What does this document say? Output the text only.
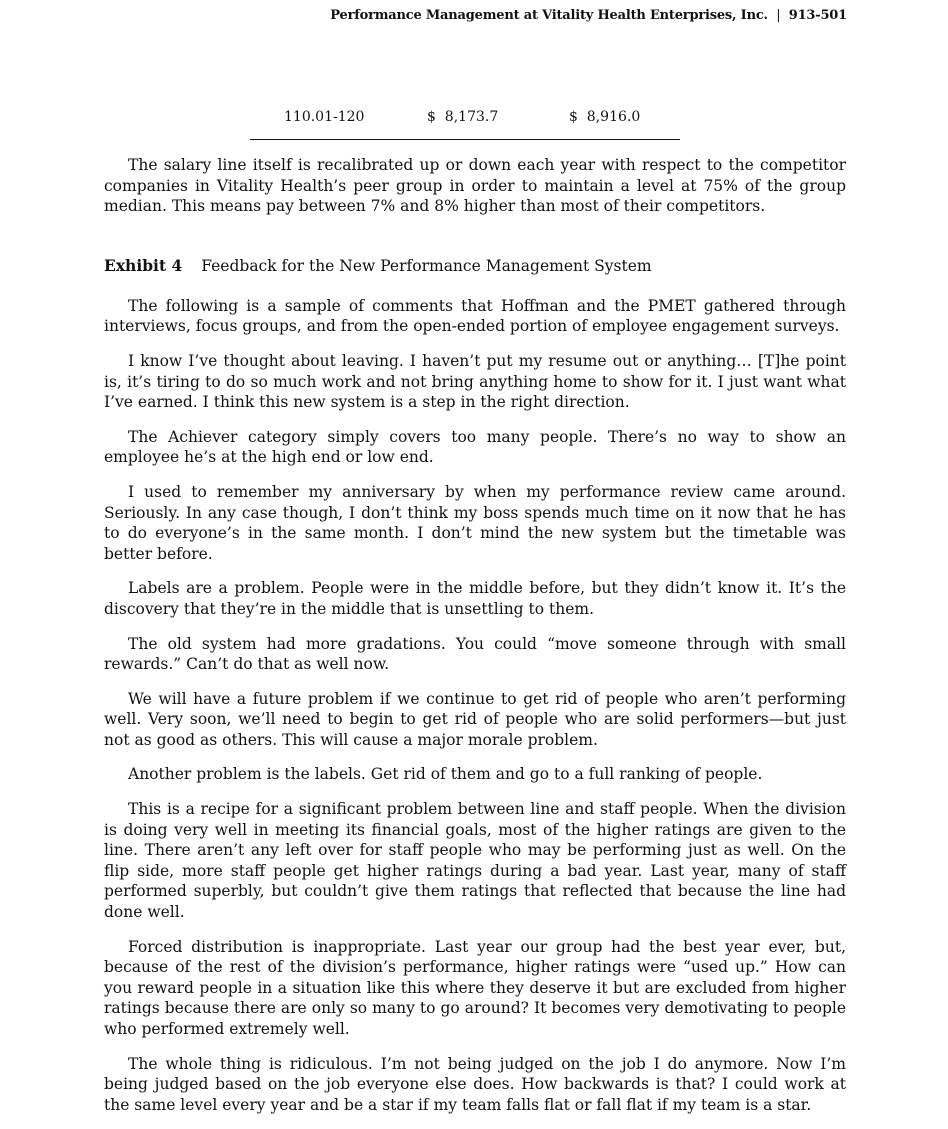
Performance Management at Vitality Health Enterprises, Inc. | 913-501
110.01-120	$  8,173.7	$  8,916.0

The salary line itself is recalibrated up or down each year with respect to the competitor companies in Vitality Health’s peer group in order to maintain a level at 75% of the group median. This means pay between 7% and 8% higher than most of their competitors.

Exhibit 4 Feedback for the New Performance Management System

The following is a sample of comments that Hoffman and the PMET gathered through interviews, focus groups, and from the open-ended portion of employee engagement surveys.

I know I’ve thought about leaving. I haven’t put my resume out or anything… [T]he point is, it’s tiring to do so much work and not bring anything home to show for it. I just want what I’ve earned. I think this new system is a step in the right direction.

The Achiever category simply covers too many people. There’s no way to show an employee he’s at the high end or low end.

I used to remember my anniversary by when my performance review came around. Seriously. In any case though, I don’t think my boss spends much time on it now that he has to do everyone’s in the same month. I don’t mind the new system but the timetable was better before.

Labels are a problem. People were in the middle before, but they didn’t know it. It’s the discovery that they’re in the middle that is unsettling to them.

The old system had more gradations. You could “move someone through with small rewards.” Can’t do that as well now.

We will have a future problem if we continue to get rid of people who aren’t performing well. Very soon, we’ll need to begin to get rid of people who are solid performers—but just not as good as others. This will cause a major morale problem.

Another problem is the labels. Get rid of them and go to a full ranking of people.

This is a recipe for a significant problem between line and staff people. When the division is doing very well in meeting its financial goals, most of the higher ratings are given to the line. There aren’t any left over for staff people who may be performing just as well. On the flip side, more staff people get higher ratings during a bad year. Last year, many of staff performed superbly, but couldn’t give them ratings that reflected that because the line had done well.

Forced distribution is inappropriate. Last year our group had the best year ever, but, because of the rest of the division’s performance, higher ratings were “used up.” How can you reward people in a situation like this where they deserve it but are excluded from higher ratings because there are only so many to go around? It becomes very demotivating to people who performed extremely well.

The whole thing is ridiculous. I’m not being judged on the job I do anymore. Now I’m being judged based on the job everyone else does. How backwards is that? I could work at the same level every year and be a star if my team falls flat or fall flat if my team is a star.
